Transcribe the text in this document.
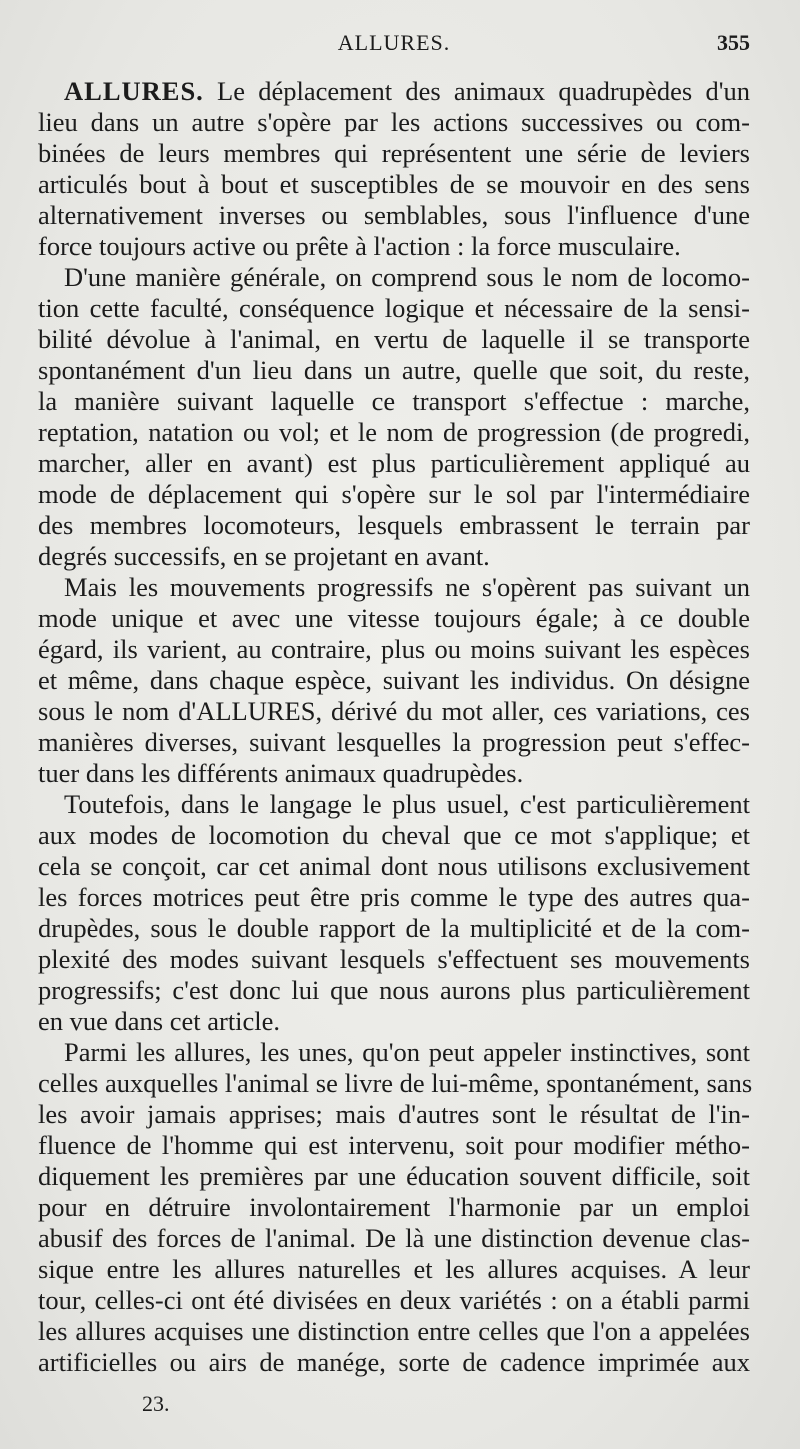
ALLURES.	355
ALLURES. Le déplacement des animaux quadrupèdes d'un
lieu dans un autre s'opère par les actions successives ou com-
binées de leurs membres qui représentent une série de leviers
articulés bout à bout et susceptibles de se mouvoir en des sens
alternativement inverses ou semblables, sous l'influence d'une
force toujours active ou prête à l'action : la force musculaire.
D'une manière générale, on comprend sous le nom de locomo-
tion cette faculté, conséquence logique et nécessaire de la sensi-
bilité dévolue à l'animal, en vertu de laquelle il se transporte
spontanément d'un lieu dans un autre, quelle que soit, du reste,
la manière suivant laquelle ce transport s'effectue : marche,
reptation, natation ou vol; et le nom de progression (de progredi,
marcher, aller en avant) est plus particulièrement appliqué au
mode de déplacement qui s'opère sur le sol par l'intermédiaire
des membres locomoteurs, lesquels embrassent le terrain par
degrés successifs, en se projetant en avant.
Mais les mouvements progressifs ne s'opèrent pas suivant un
mode unique et avec une vitesse toujours égale; à ce double
égard, ils varient, au contraire, plus ou moins suivant les espèces
et même, dans chaque espèce, suivant les individus. On désigne
sous le nom d'ALLURES, dérivé du mot aller, ces variations, ces
manières diverses, suivant lesquelles la progression peut s'effec-
tuer dans les différents animaux quadrupèdes.
Toutefois, dans le langage le plus usuel, c'est particulièrement
aux modes de locomotion du cheval que ce mot s'applique; et
cela se conçoit, car cet animal dont nous utilisons exclusivement
les forces motrices peut être pris comme le type des autres qua-
drupèdes, sous le double rapport de la multiplicité et de la com-
plexité des modes suivant lesquels s'effectuent ses mouvements
progressifs; c'est donc lui que nous aurons plus particulièrement
en vue dans cet article.
Parmi les allures, les unes, qu'on peut appeler instinctives, sont
celles auxquelles l'animal se livre de lui-même, spontanément, sans
les avoir jamais apprises; mais d'autres sont le résultat de l'in-
fluence de l'homme qui est intervenu, soit pour modifier métho-
diquement les premières par une éducation souvent difficile, soit
pour en détruire involontairement l'harmonie par un emploi
abusif des forces de l'animal. De là une distinction devenue clas-
sique entre les allures naturelles et les allures acquises. A leur
tour, celles-ci ont été divisées en deux variétés : on a établi parmi
les allures acquises une distinction entre celles que l'on a appelées
artificielles ou airs de manége, sorte de cadence imprimée aux
23.
